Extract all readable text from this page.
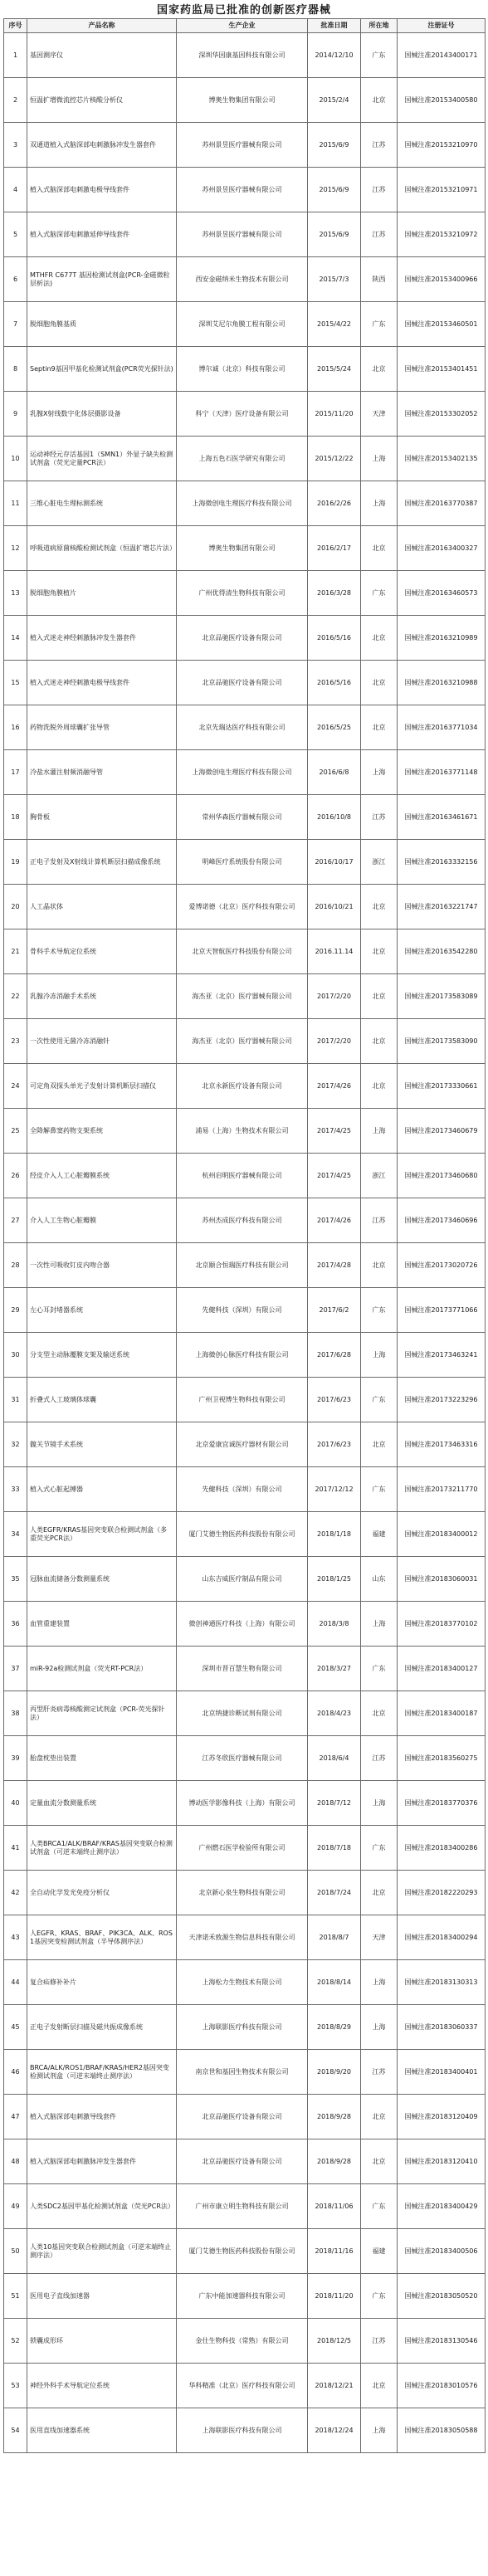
国家药监局已批准的创新医疗器械
序号	产品名称	生产企业	批准日期	所在地	注册证号
1	基因测序仪	深圳华因康基因科技有限公司	2014/12/10	广东	国械注准20143400171
2	恒温扩增微流控芯片核酸分析仪	博奥生物集团有限公司	2015/2/4	北京	国械注准20153400580
3	双通道植入式脑深部电刺激脉冲发生器套件	苏州景昱医疗器械有限公司	2015/6/9	江苏	国械注准20153210970
4	植入式脑深部电刺激电极导线套件	苏州景昱医疗器械有限公司	2015/6/9	江苏	国械注准20153210971
5	植入式脑深部电刺激延伸导线套件	苏州景昱医疗器械有限公司	2015/6/9	江苏	国械注准20153210972
6	MTHFR C677T 基因检测试剂盒(PCR-金磁微粒层析法)	西安金磁纳米生物技术有限公司	2015/7/3	陕西	国械注准20153400966
7	脱细胞角膜基质	深圳艾尼尔角膜工程有限公司	2015/4/22	广东	国械注准20153460501
8	Septin9基因甲基化检测试剂盒(PCR荧光探针法)	博尔诚（北京）科技有限公司	2015/5/24	北京	国械注准20153401451
9	乳腺X射线数字化体层摄影设备	科宁（天津）医疗设备有限公司	2015/11/20	天津	国械注准20153302052
10	运动神经元存活基因1（SMN1）外显子缺失检测试剂盒（荧光定量PCR法）	上海五色石医学研究有限公司	2015/12/22	上海	国械注准20153402135
11	三维心脏电生理标测系统	上海微创电生理医疗科技有限公司	2016/2/26	上海	国械注准20163770387
12	呼吸道病原菌核酸检测试剂盒（恒温扩增芯片法）	博奥生物集团有限公司	2016/2/17	北京	国械注准20163400327
13	脱细胞角膜植片	广州优得清生物科技有限公司	2016/3/28	广东	国械注准20163460573
14	植入式迷走神经刺激脉冲发生器套件	北京品驰医疗设备有限公司	2016/5/16	北京	国械注准20163210989
15	植入式迷走神经刺激电极导线套件	北京品驰医疗设备有限公司	2016/5/16	北京	国械注准20163210988
16	药物洗脱外周球囊扩张导管	北京先瑞达医疗科技有限公司	2016/5/25	北京	国械注准20163771034
17	冷盐水灌注射频消融导管	上海微创电生理医疗科技有限公司	2016/6/8	上海	国械注准20163771148
18	胸骨板	常州华森医疗器械有限公司	2016/10/8	江苏	国械注准20163461671
19	正电子发射及X射线计算机断层扫描成像系统	明峰医疗系统股份有限公司	2016/10/17	浙江	国械注准20163332156
20	人工晶状体	爱博诺德（北京）医疗科技有限公司	2016/10/21	北京	国械注准20163221747
21	骨科手术导航定位系统	北京天智航医疗科技股份有限公司	2016.11.14	北京	国械注准20163542280
22	乳腺冷冻消融手术系统	海杰亚（北京）医疗器械有限公司	2017/2/20	北京	国械注准20173583089
23	一次性使用无菌冷冻消融针	海杰亚（北京）医疗器械有限公司	2017/2/20	北京	国械注准20173583090
24	可定角双探头单光子发射计算机断层扫描仪	北京永新医疗设备有限公司	2017/4/26	北京	国械注准20173330661
25	全降解鼻窦药物支架系统	浦易（上海）生物技术有限公司	2017/4/25	上海	国械注准20173460679
26	经皮介入人工心脏瓣膜系统	杭州启明医疗器械有限公司	2017/4/25	浙江	国械注准20173460680
27	介入人工生物心脏瓣膜	苏州杰成医疗科技有限公司	2017/4/26	江苏	国械注准20173460696
28	一次性可吸收钉皮内吻合器	北京颐合恒瑞医疗科技有限公司	2017/4/28	北京	国械注准20173020726
29	左心耳封堵器系统	先健科技（深圳）有限公司	2017/6/2	广东	国械注准20173771066
30	分支型主动脉覆膜支架及输送系统	上海微创心脉医疗科技有限公司	2017/6/28	上海	国械注准20173463241
31	折叠式人工玻璃体球囊	广州卫视博生物科技有限公司	2017/6/23	广东	国械注准20173223296
32	髋关节镜手术系统	北京爱康宜诚医疗器材有限公司	2017/6/23	北京	国械注准20173463316
33	植入式心脏起搏器	先健科技（深圳）有限公司	2017/12/12	广东	国械注准20173211770
34	人类EGFR/KRAS基因突变联合检测试剂盒（多重荧光PCR法）	厦门艾德生物医药科技股份有限公司	2018/1/18	福建	国械注准20183400012
35	冠脉血流储备分数测量系统	山东吉威医疗制品有限公司	2018/1/25	山东	国械注准20183060031
36	血管重建装置	微创神通医疗科技（上海）有限公司	2018/3/8	上海	国械注准20183770102
37	miR-92a检测试剂盒（荧光RT-PCR法）	深圳市晋百慧生物有限公司	2018/3/27	广东	国械注准20183400127
38	丙型肝炎病毒核酸测定试剂盒（PCR-荧光探针法）	北京纳捷诊断试剂有限公司	2018/4/23	北京	国械注准20183400187
39	胎盘枕垫出装置	江苏冬欣医疗器械有限公司	2018/6/4	江苏	国械注准20183560275
40	定量血流分数测量系统	博动医学影像科技（上海）有限公司	2018/7/12	上海	国械注准20183770376
41	人类BRCA1/ALK/BRAF/KRAS基因突变联合检测试剂盒（可逆末端终止测序法）	广州燃石医学检验所有限公司	2018/7/18	广东	国械注准20183400286
42	全自动化学发光免疫分析仪	北京新心泉生物科技有限公司	2018/7/24	北京	国械注准20182220293
43	人EGFR、KRAS、BRAF、PIK3CA、ALK、ROS1基因突变检测试剂盒（半导体测序法）	天津诺禾致源生物信息科技有限公司	2018/8/7	天津	国械注准20183400294
44	复合疝修补补片	上海松力生物技术有限公司	2018/8/14	上海	国械注准20183130313
45	正电子发射断层扫描及磁共振成像系统	上海联影医疗科技有限公司	2018/8/29	上海	国械注准20183060337
46	BRCA/ALK/ROS1/BRAF/KRAS/HER2基因突变检测试剂盒（可逆末端终止测序法）	南京世和基因生物技术有限公司	2018/9/20	江苏	国械注准20183400401
47	植入式脑深部电刺激导线套件	北京品驰医疗设备有限公司	2018/9/28	北京	国械注准20183120409
48	植入式脑深部电刺激脉冲发生器套件	北京品驰医疗设备有限公司	2018/9/28	北京	国械注准20183120410
49	人类SDC2基因甲基化检测试剂盒（荧光PCR法）	广州市康立明生物科技有限公司	2018/11/06	广东	国械注准20183400429
50	人类10基因突变联合检测试剂盒（可逆末端终止测序法）	厦门艾德生物医药科技股份有限公司	2018/11/16	福建	国械注准20183400506
51	医用电子直线加速器	广东中能加速器科技有限公司	2018/11/20	广东	国械注准20183050520
52	锁囊成形环	金仕生物科技（常熟）有限公司	2018/12/5	江苏	国械注准20183130546
53	神经外科手术导航定位系统	华科精准（北京）医疗科技有限公司	2018/12/21	北京	国械注准20183010576
54	医用直线加速器系统	上海联影医疗科技有限公司	2018/12/24	上海	国械注准20183050588
